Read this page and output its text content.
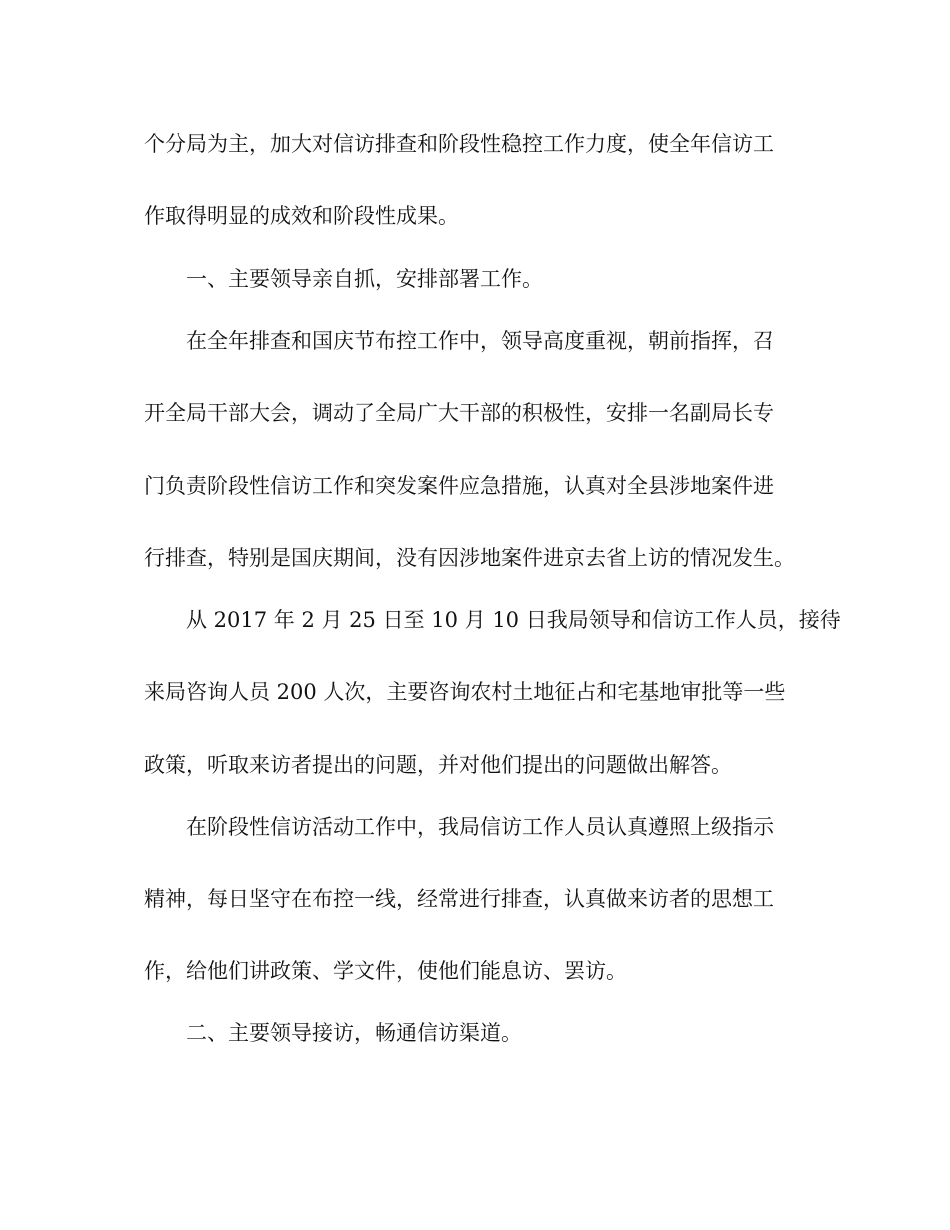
个分局为主，加大对信访排查和阶段性稳控工作力度，使全年信访工
作取得明显的成效和阶段性成果。
一、主要领导亲自抓，安排部署工作。
在全年排查和国庆节布控工作中，领导高度重视，朝前指挥，召
开全局干部大会，调动了全局广大干部的积极性，安排一名副局长专
门负责阶段性信访工作和突发案件应急措施，认真对全县涉地案件进
行排查，特别是国庆期间，没有因涉地案件进京去省上访的情况发生。
从 2017 年 2 月 25 日至 10 月 10 日我局领导和信访工作人员，接待
来局咨询人员 200 人次，主要咨询农村土地征占和宅基地审批等一些
政策，听取来访者提出的问题，并对他们提出的问题做出解答。
在阶段性信访活动工作中，我局信访工作人员认真遵照上级指示
精神，每日坚守在布控一线，经常进行排查，认真做来访者的思想工
作，给他们讲政策、学文件，使他们能息访、罢访。
二、主要领导接访，畅通信访渠道。
